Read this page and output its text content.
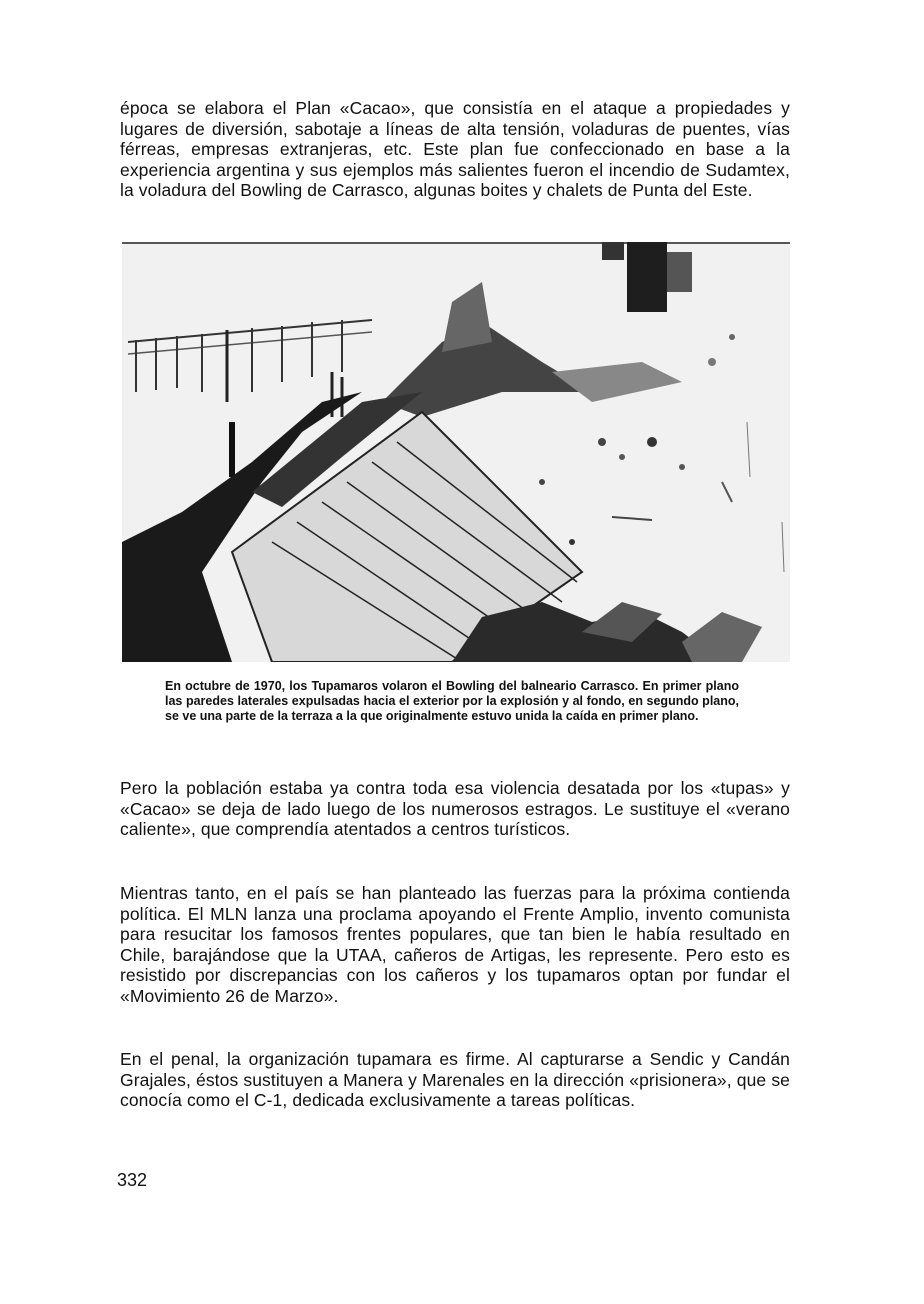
época se elabora el Plan «Cacao», que consistía en el ataque a propiedades y lugares de diversión, sabotaje a líneas de alta tensión, voladuras de puentes, vías férreas, empresas extranjeras, etc. Este plan fue confeccionado en base a la experiencia argentina y sus ejemplos más salientes fueron el incendio de Sudamtex, la voladura del Bowling de Carrasco, algunas boites y chalets de Punta del Este.

En octubre de 1970, los Tupamaros volaron el Bowling del balneario Carrasco. En primer plano las paredes laterales expulsadas hacia el exterior por la explosión y al fondo, en segundo plano, se ve una parte de la terraza a la que originalmente estuvo unida la caída en primer plano.

Pero la población estaba ya contra toda esa violencia desatada por los «tupas» y «Cacao» se deja de lado luego de los numerosos estragos. Le sustituye el «verano caliente», que comprendía atentados a centros turísticos.

Mientras tanto, en el país se han planteado las fuerzas para la próxima contienda política. El MLN lanza una proclama apoyando el Frente Amplio, invento comunista para resucitar los famosos frentes populares, que tan bien le había resultado en Chile, barajándose que la UTAA, cañeros de Artigas, les represente. Pero esto es resistido por discrepancias con los cañeros y los tupamaros optan por fundar el «Movimiento 26 de Marzo».

En el penal, la organización tupamara es firme. Al capturarse a Sendic y Candán Grajales, éstos sustituyen a Manera y Marenales en la dirección «prisionera», que se conocía como el C-1, dedicada exclusivamente a tareas políticas.

332
